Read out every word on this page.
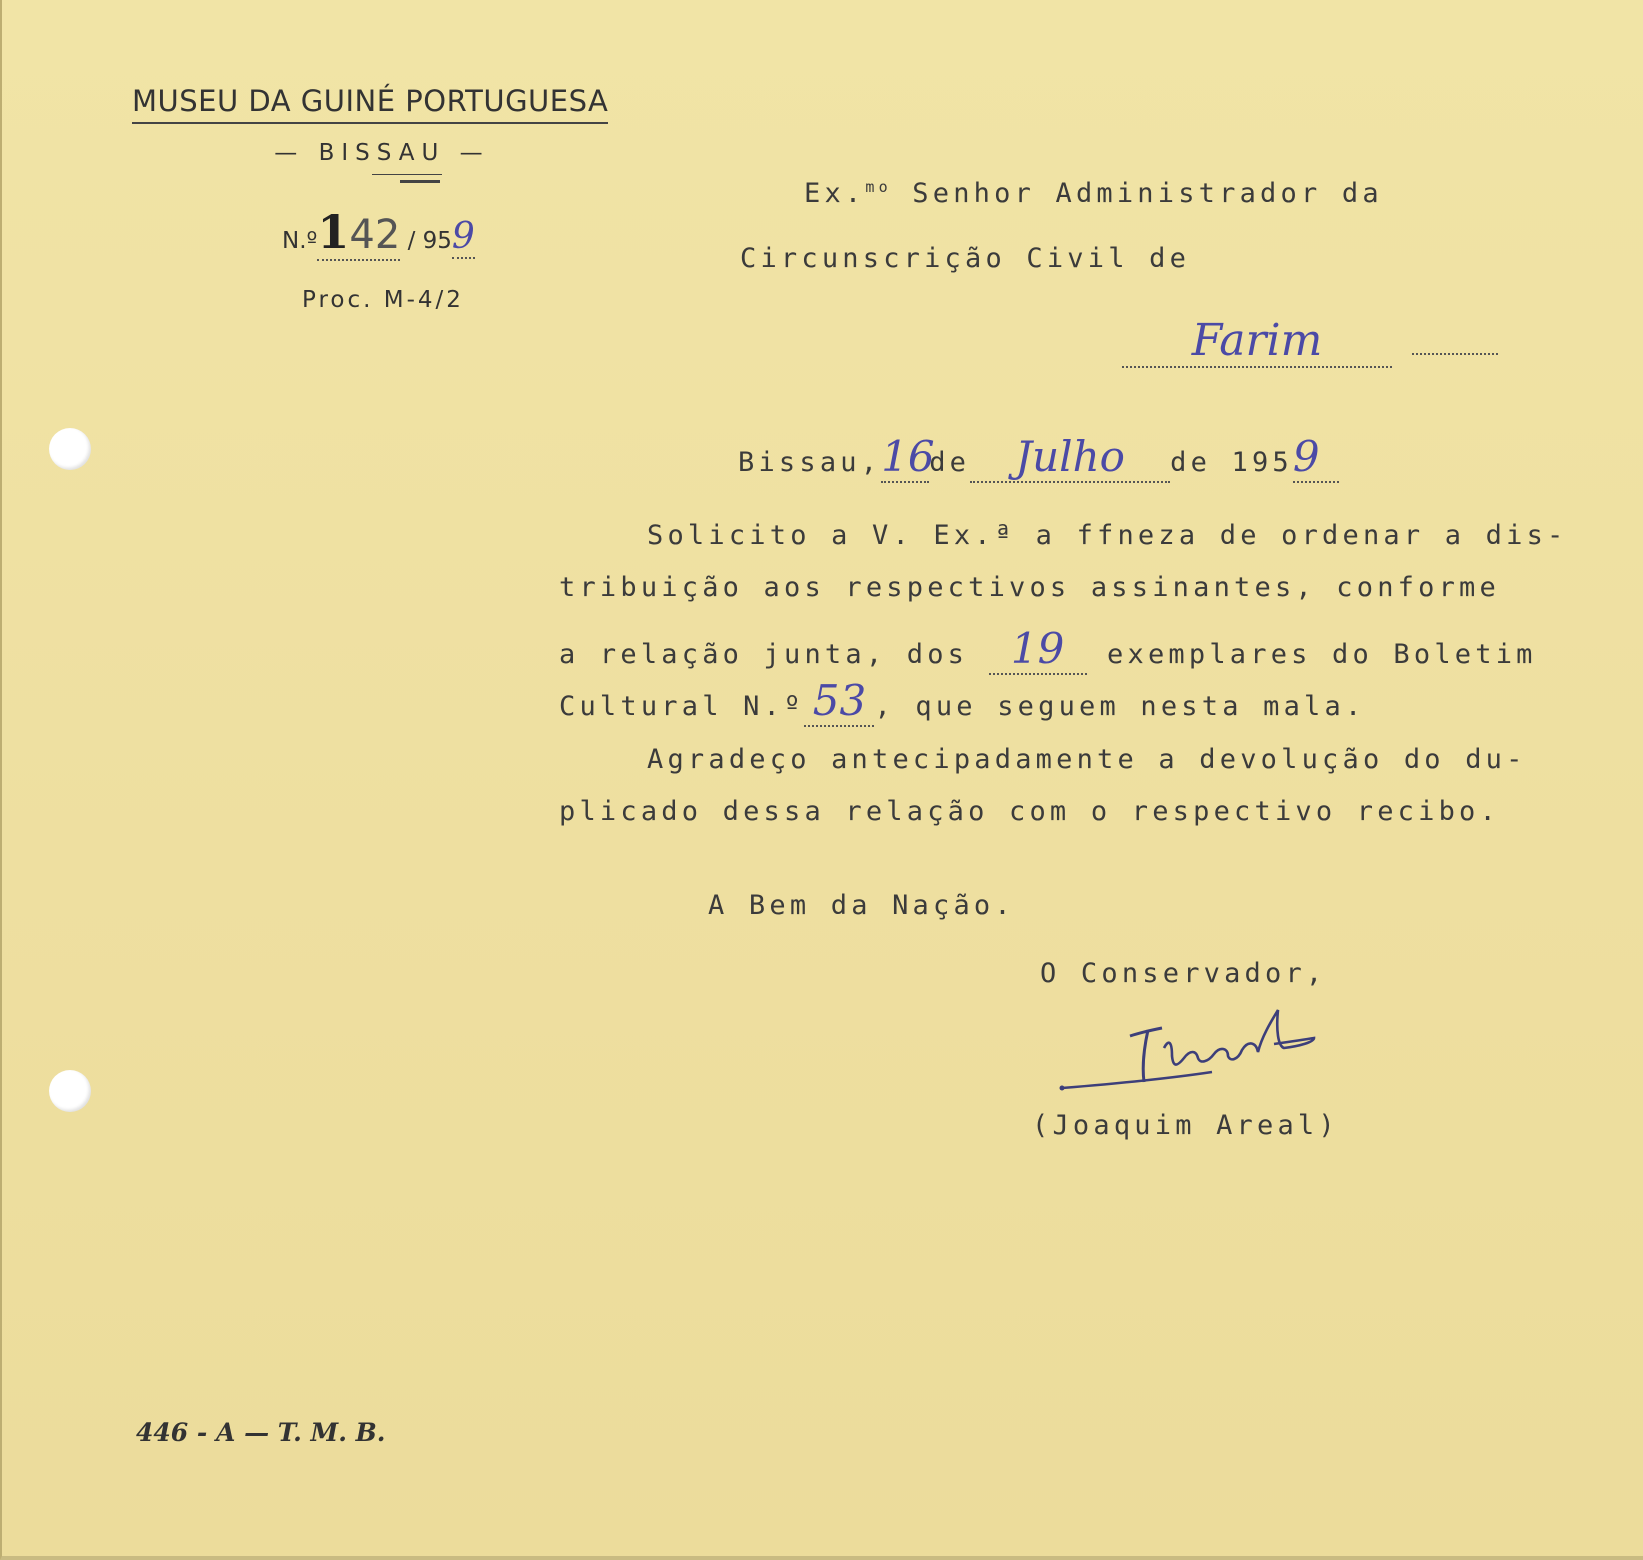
MUSEU DA GUINÉ PORTUGUESA
— BISSAU —
N.º142 / 959
Proc. M-4/2
Ex.$^{mo}$ Senhor Administrador da
Circunscrição Civil de
Farim
Bissau,16de Julho de 1959
Solicito a V. Ex.ª a ffneza de ordenar a dis-
tribuição aos respectivos assinantes, conforme
a relação junta, dos 19 exemplares do Boletim
Cultural N.º 53 , que seguem nesta mala.
Agradeço antecipadamente a devolução do du-
plicado dessa relação com o respectivo recibo.
A Bem da Nação.
O Conservador,
(Joaquim Areal)
446 - A — T. M. B.
